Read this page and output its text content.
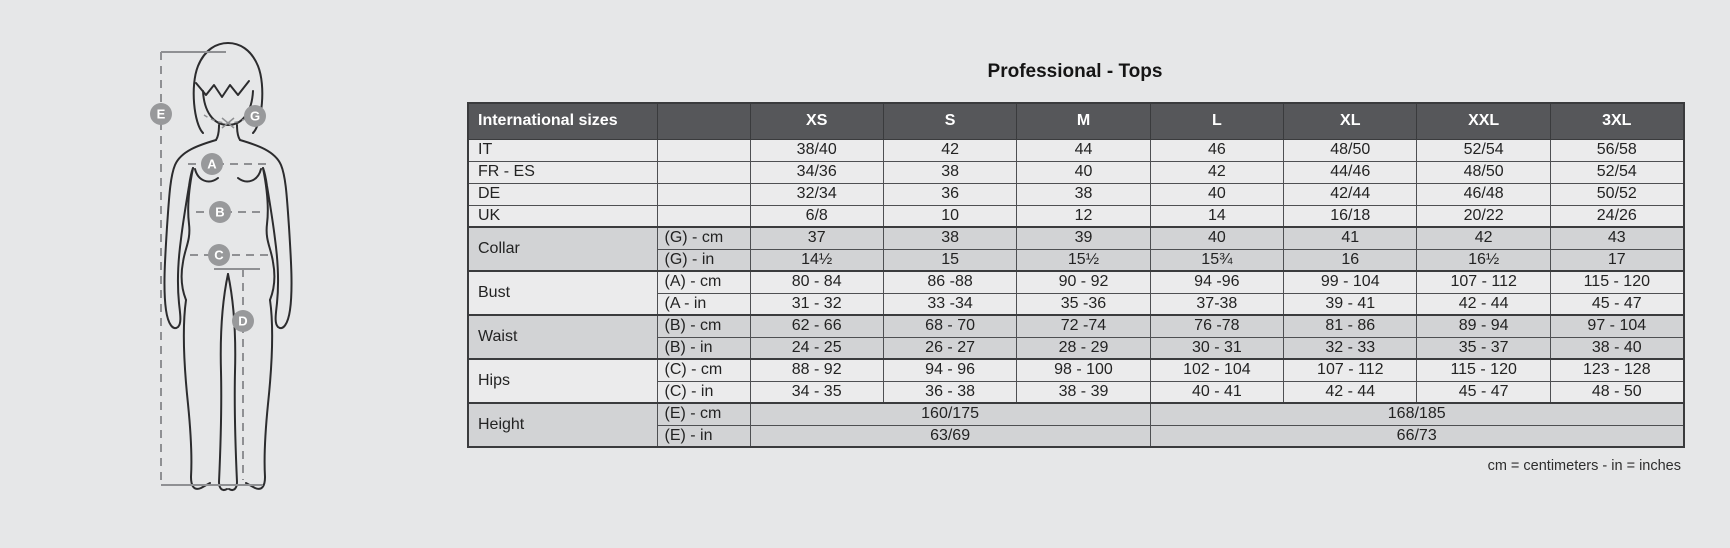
E	G
A
B
C
D
Professional - Tops
International sizes		XS	S	M	L	XL	XXL	3XL
IT		38/40	42	44	46	48/50	52/54	56/58
FR - ES		34/36	38	40	42	44/46	48/50	52/54
DE		32/34	36	38	40	42/44	46/48	50/52
UK		6/8	10	12	14	16/18	20/22	24/26
Collar	(G) - cm	37	38	39	40	41	42	43
	(G) - in	14½	15	15½	15¾	16	16½	17
Bust	(A) - cm	80 - 84	86 -88	90 - 92	94 -96	99 - 104	107 - 112	115 - 120
	(A - in	31 - 32	33 -34	35 -36	37-38	39 - 41	42 - 44	45 - 47
Waist	(B) - cm	62 - 66	68 - 70	72 -74	76 -78	81 - 86	89 - 94	97 - 104
	(B) - in	24 - 25	26 - 27	28 - 29	30 - 31	32 - 33	35 - 37	38 - 40
Hips	(C) - cm	88 - 92	94 - 96	98 - 100	102 - 104	107 - 112	115 - 120	123 - 128
	(C) - in	34 - 35	36 - 38	38 - 39	40 - 41	42 - 44	45 - 47	48 - 50
Height	(E) - cm	160/175			168/185			
	(E) - in	63/69			66/73			
cm = centimeters - in = inches
